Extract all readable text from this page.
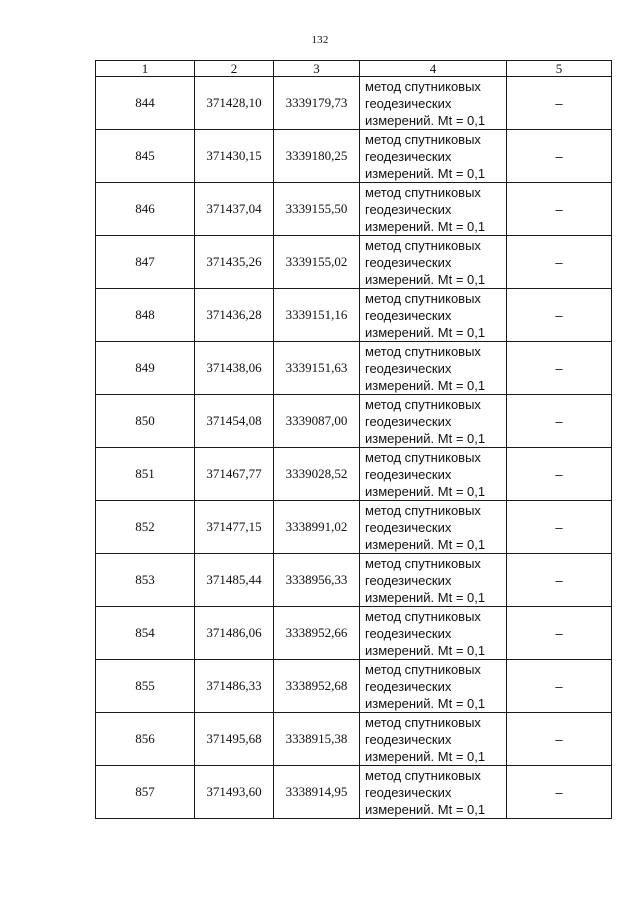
132
1	2	3	4	5
844	371428,10	3339179,73	метод спутниковых геодезических измерений. Mt = 0,1	–
845	371430,15	3339180,25	метод спутниковых геодезических измерений. Mt = 0,1	–
846	371437,04	3339155,50	метод спутниковых геодезических измерений. Mt = 0,1	–
847	371435,26	3339155,02	метод спутниковых геодезических измерений. Mt = 0,1	–
848	371436,28	3339151,16	метод спутниковых геодезических измерений. Mt = 0,1	–
849	371438,06	3339151,63	метод спутниковых геодезических измерений. Mt = 0,1	–
850	371454,08	3339087,00	метод спутниковых геодезических измерений. Mt = 0,1	–
851	371467,77	3339028,52	метод спутниковых геодезических измерений. Mt = 0,1	–
852	371477,15	3338991,02	метод спутниковых геодезических измерений. Mt = 0,1	–
853	371485,44	3338956,33	метод спутниковых геодезических измерений. Mt = 0,1	–
854	371486,06	3338952,66	метод спутниковых геодезических измерений. Mt = 0,1	–
855	371486,33	3338952,68	метод спутниковых геодезических измерений. Mt = 0,1	–
856	371495,68	3338915,38	метод спутниковых геодезических измерений. Mt = 0,1	–
857	371493,60	3338914,95	метод спутниковых геодезических измерений. Mt = 0,1	–
